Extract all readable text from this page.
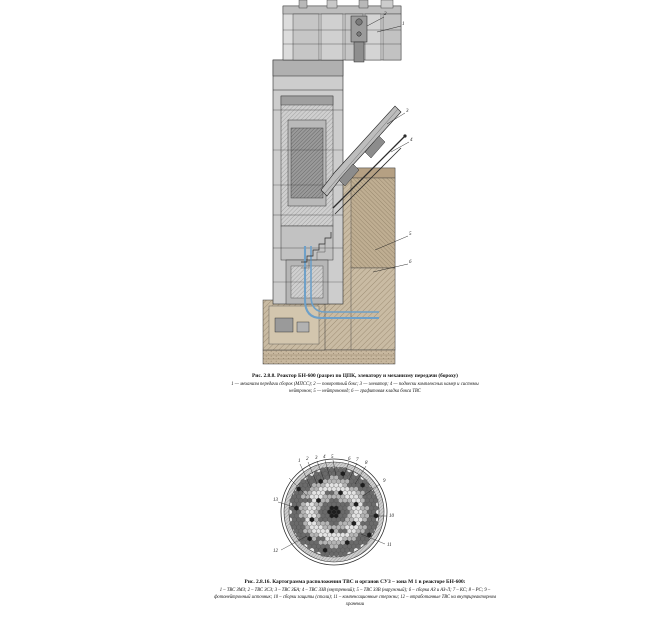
1
2
3
4
5
6
Рис. 2.8.8. Реактор БН-600 (разрез по ЦПК, элеватору и механизму передачи (бороху)
1 — механизм передачи сборок (МПСС); 2 — поворотный бокс; 3 — элеватор; 4 — подвески комплексных камер и системы нейтронов; 5 — нейтроновод; 6 — графитовая кладка бокса ТВС
1 2 3 4 5	6 7
8
9
10
11
12
13

Рис. 2.8.16. Картограмма расположения ТВС и органов СУЗ – зона М 1 в реакторе БН-600:
1 – ТВС ЗМЗ; 2 – ТВС ЗСЗ; 3 – ТВС ЗБА; 4 – ТВС ЗЗВ (внутренний); 5 – ТВС ЗЗВ (наружный); 6 – сборка АЗ и АЗ-Л; 7 – КС; 8 – РС; 9 – фотонейтронный источник; 10 – сборки защиты (стали); 11 – компенсационные стержни; 12 – отработанные ТВС на внутриреакторном хранении
